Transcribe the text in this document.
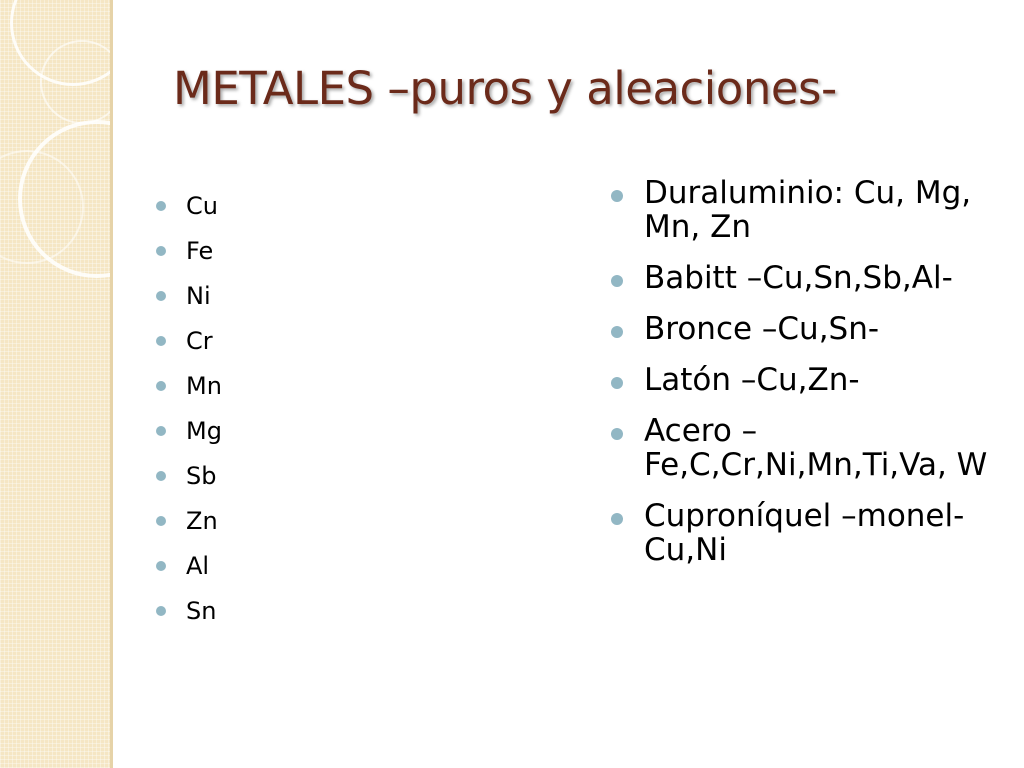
METALES –puros y aleaciones-
Cu
Fe
Ni
Cr
Mn
Mg
Sb
Zn
Al
Sn
Duraluminio: Cu, Mg, Mn, Zn
Babitt –Cu,Sn,Sb,Al-
Bronce –Cu,Sn-
Latón –Cu,Zn-
Acero –Fe,C,Cr,Ni,Mn,Ti,Va, W
Cuproníquel –monel-Cu,Ni
